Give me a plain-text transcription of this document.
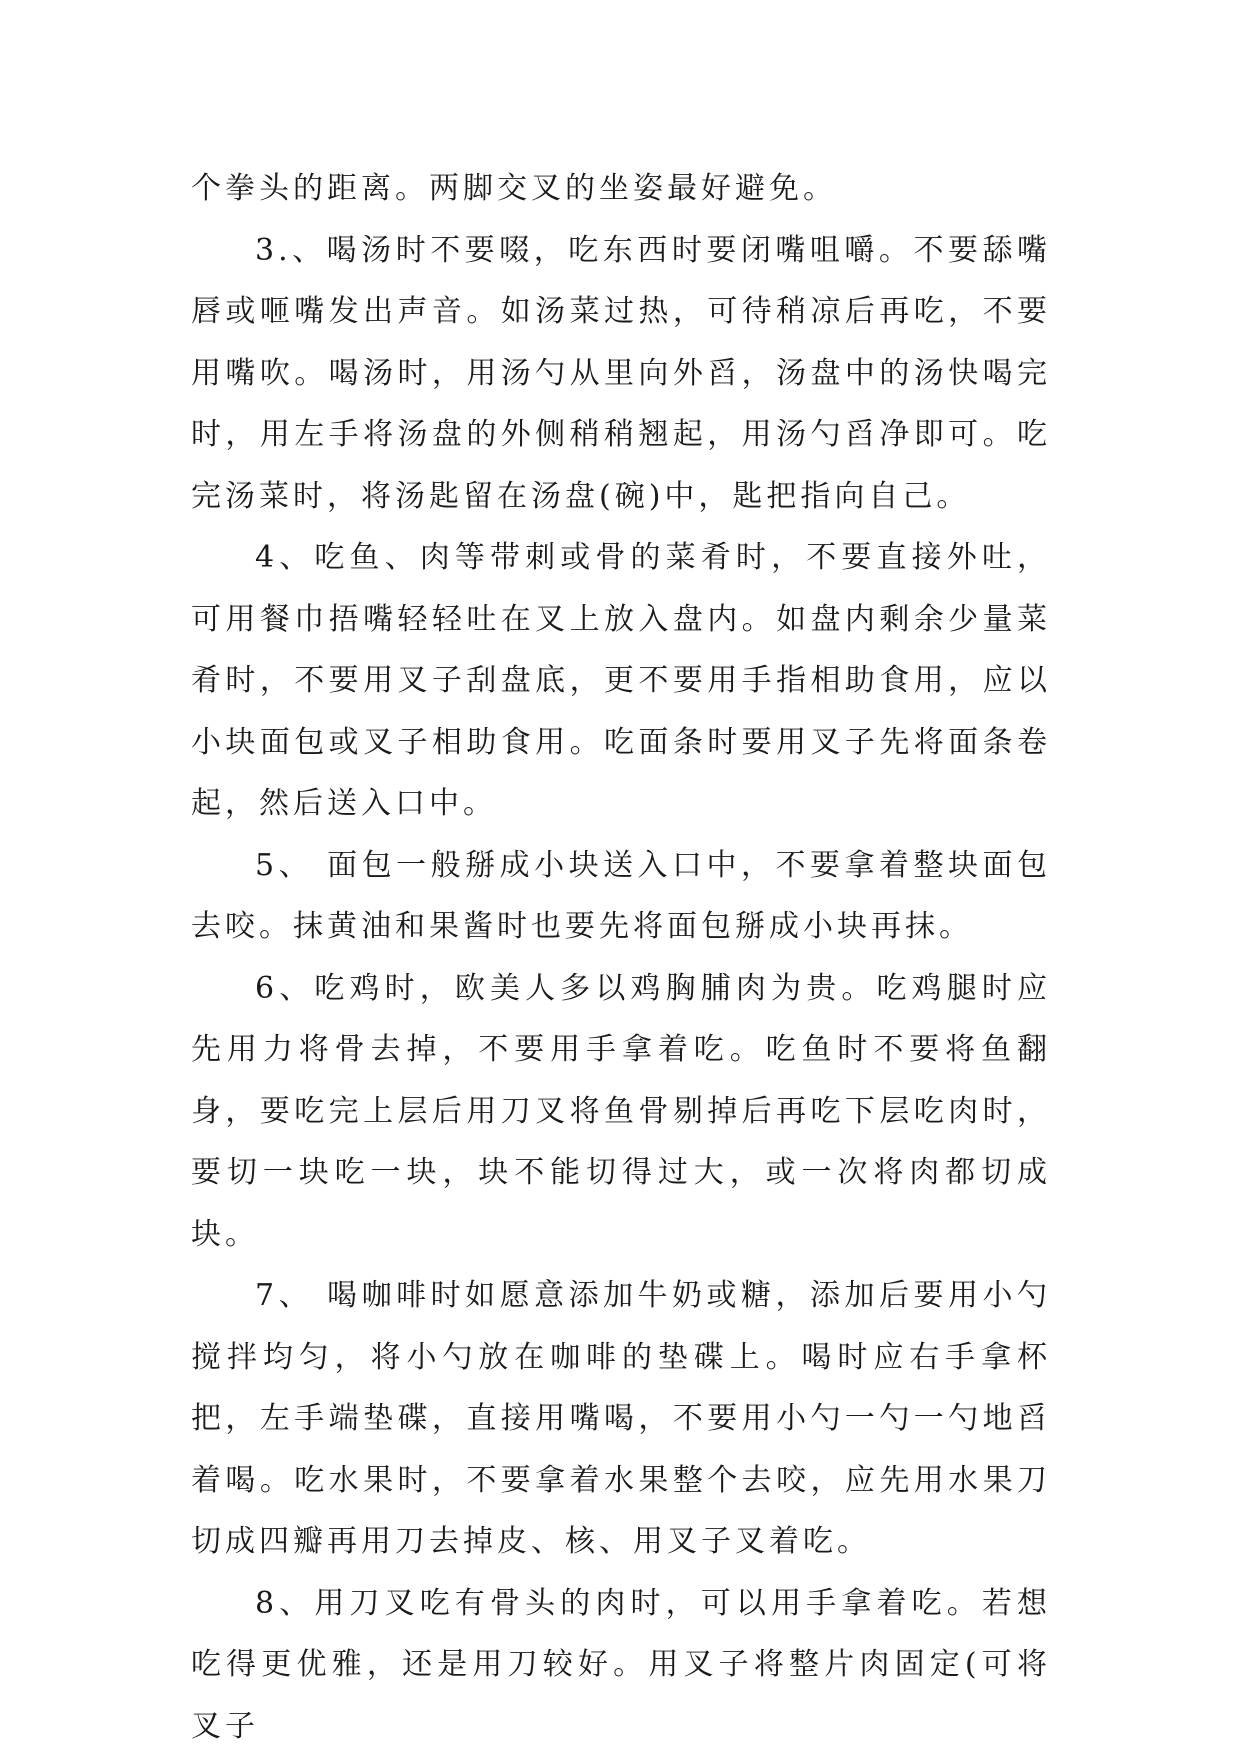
个拳头的距离。两脚交叉的坐姿最好避免。

3.、喝汤时不要啜，吃东西时要闭嘴咀嚼。不要舔嘴唇或咂嘴发出声音。如汤菜过热，可待稍凉后再吃，不要用嘴吹。喝汤时，用汤勺从里向外舀，汤盘中的汤快喝完时，用左手将汤盘的外侧稍稍翘起，用汤勺舀净即可。吃完汤菜时，将汤匙留在汤盘(碗)中，匙把指向自己。

4、吃鱼、肉等带刺或骨的菜肴时，不要直接外吐，可用餐巾捂嘴轻轻吐在叉上放入盘内。如盘内剩余少量菜肴时，不要用叉子刮盘底，更不要用手指相助食用，应以小块面包或叉子相助食用。吃面条时要用叉子先将面条卷起，然后送入口中。

5、 面包一般掰成小块送入口中，不要拿着整块面包去咬。抹黄油和果酱时也要先将面包掰成小块再抹。

6、吃鸡时，欧美人多以鸡胸脯肉为贵。吃鸡腿时应先用力将骨去掉，不要用手拿着吃。吃鱼时不要将鱼翻身，要吃完上层后用刀叉将鱼骨剔掉后再吃下层吃肉时，要切一块吃一块，块不能切得过大，或一次将肉都切成块。

7、 喝咖啡时如愿意添加牛奶或糖，添加后要用小勺搅拌均匀，将小勺放在咖啡的垫碟上。喝时应右手拿杯把，左手端垫碟，直接用嘴喝，不要用小勺一勺一勺地舀着喝。吃水果时，不要拿着水果整个去咬，应先用水果刀切成四瓣再用刀去掉皮、核、用叉子叉着吃。

8、用刀叉吃有骨头的肉时，可以用手拿着吃。若想吃得更优雅，还是用刀较好。用叉子将整片肉固定(可将叉子
